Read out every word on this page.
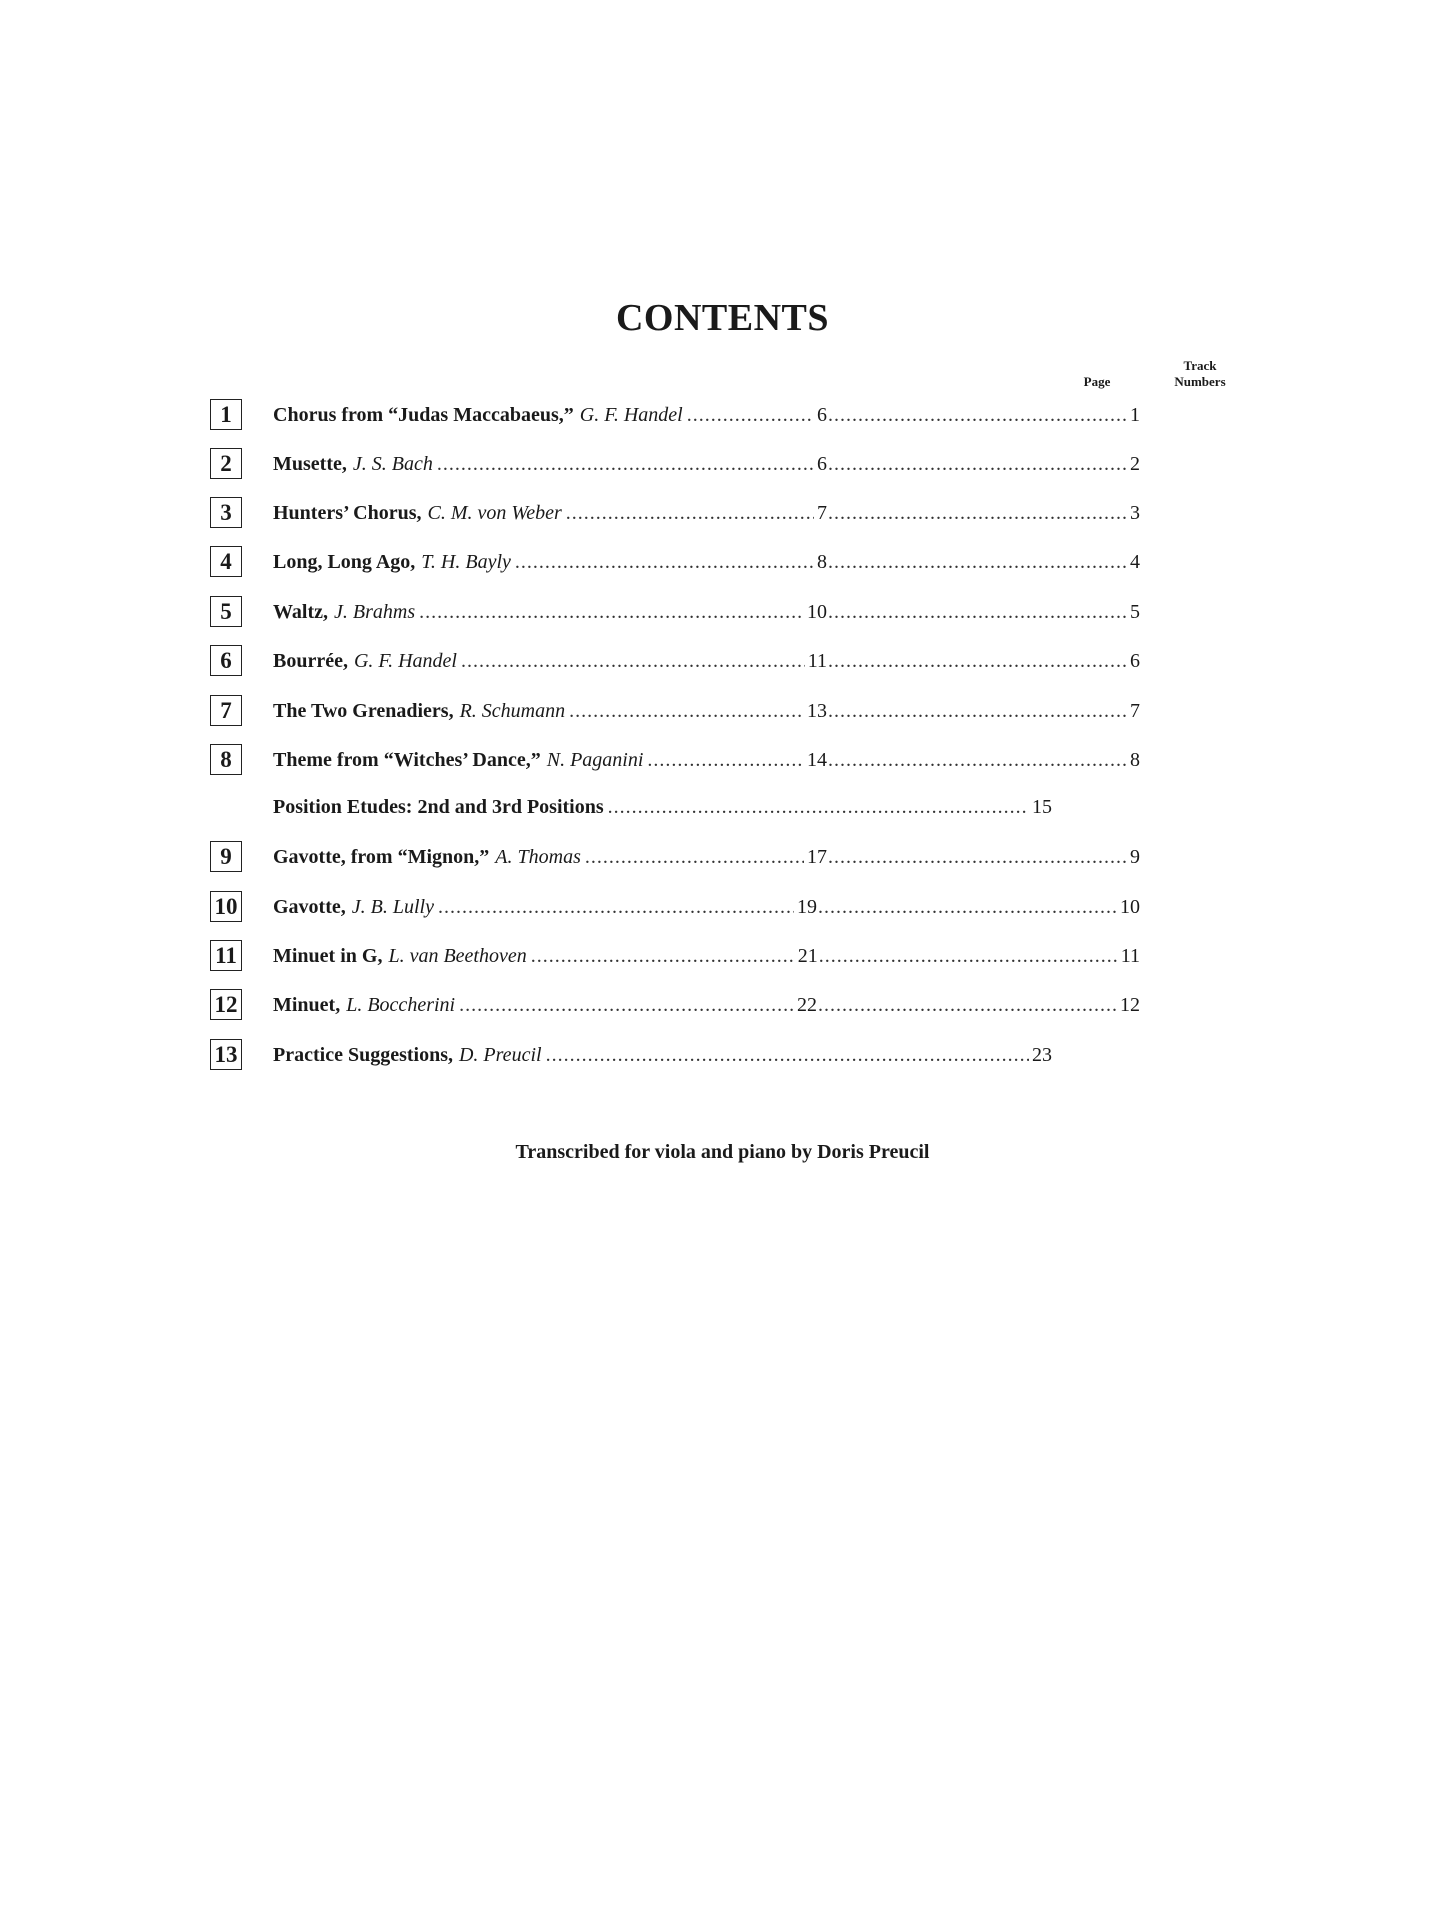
CONTENTS
Page
Track
Numbers
1	Chorus from “Judas Maccabaeus,” G. F. Handel .....	6 .....	1
2	Musette, J. S. Bach .....	6 .....	2
3	Hunters’ Chorus, C. M. von Weber .....	7 .....	3
4	Long, Long Ago, T. H. Bayly .....	8 .....	4
5	Waltz, J. Brahms .....	10 .....	5
6	Bourrée, G. F. Handel .....	11 .....	6
7	The Two Grenadiers, R. Schumann .....	13 .....	7
8	Theme from “Witches’ Dance,” N. Paganini .....	14 .....	8
Position Etudes: 2nd and 3rd Positions .....	15
9	Gavotte, from “Mignon,” A. Thomas .....	17 .....	9
10 Gavotte, J. B. Lully .....	19 .....	10
11 Minuet in G, L. van Beethoven .....	21 .....	11
12 Minuet, L. Boccherini .....	22 .....	12
13 Practice Suggestions, D. Preucil .....	23
Transcribed for viola and piano by Doris Preucil
